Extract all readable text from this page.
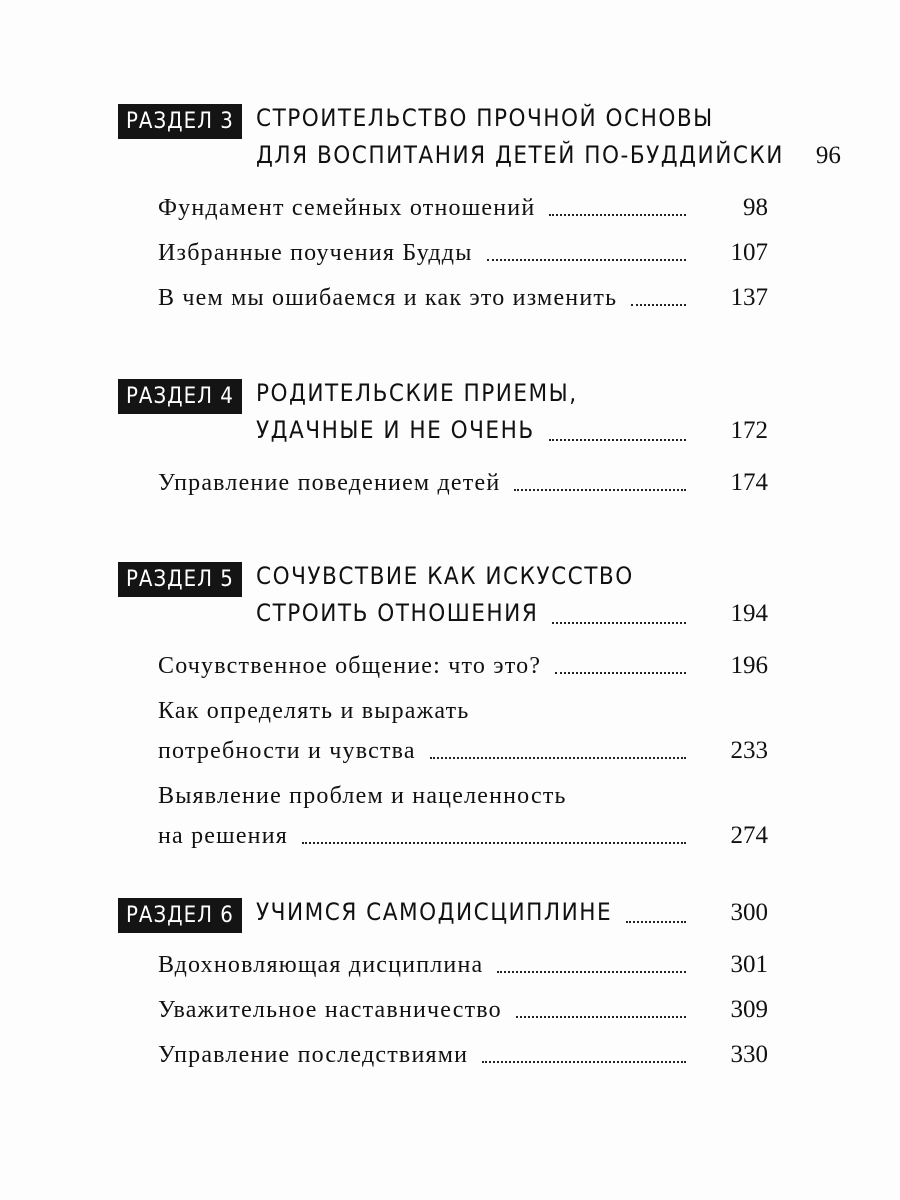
РАЗДЕЛ 3 СТРОИТЕЛЬСТВО ПРОЧНОЙ ОСНОВЫ
ДЛЯ ВОСПИТАНИЯ ДЕТЕЙ ПО-БУДДИЙСКИ 96
Фундамент семейных отношений	98
Избранные поучения Будды	107
В чем мы ошибаемся и как это изменить	137
РАЗДЕЛ 4 РОДИТЕЛЬСКИЕ ПРИЕМЫ,
УДАЧНЫЕ И НЕ ОЧЕНЬ	172
Управление поведением детей	174
РАЗДЕЛ 5 СОЧУВСТВИЕ КАК ИСКУССТВО
СТРОИТЬ ОТНОШЕНИЯ	194
Сочувственное общение: что это?	196
Как определять и выражать
потребности и чувства	233
Выявление проблем и нацеленность
на решения	274
РАЗДЕЛ 6 УЧИМСЯ САМОДИСЦИПЛИНЕ	300
Вдохновляющая дисциплина	301
Уважительное наставничество	309
Управление последствиями	330
